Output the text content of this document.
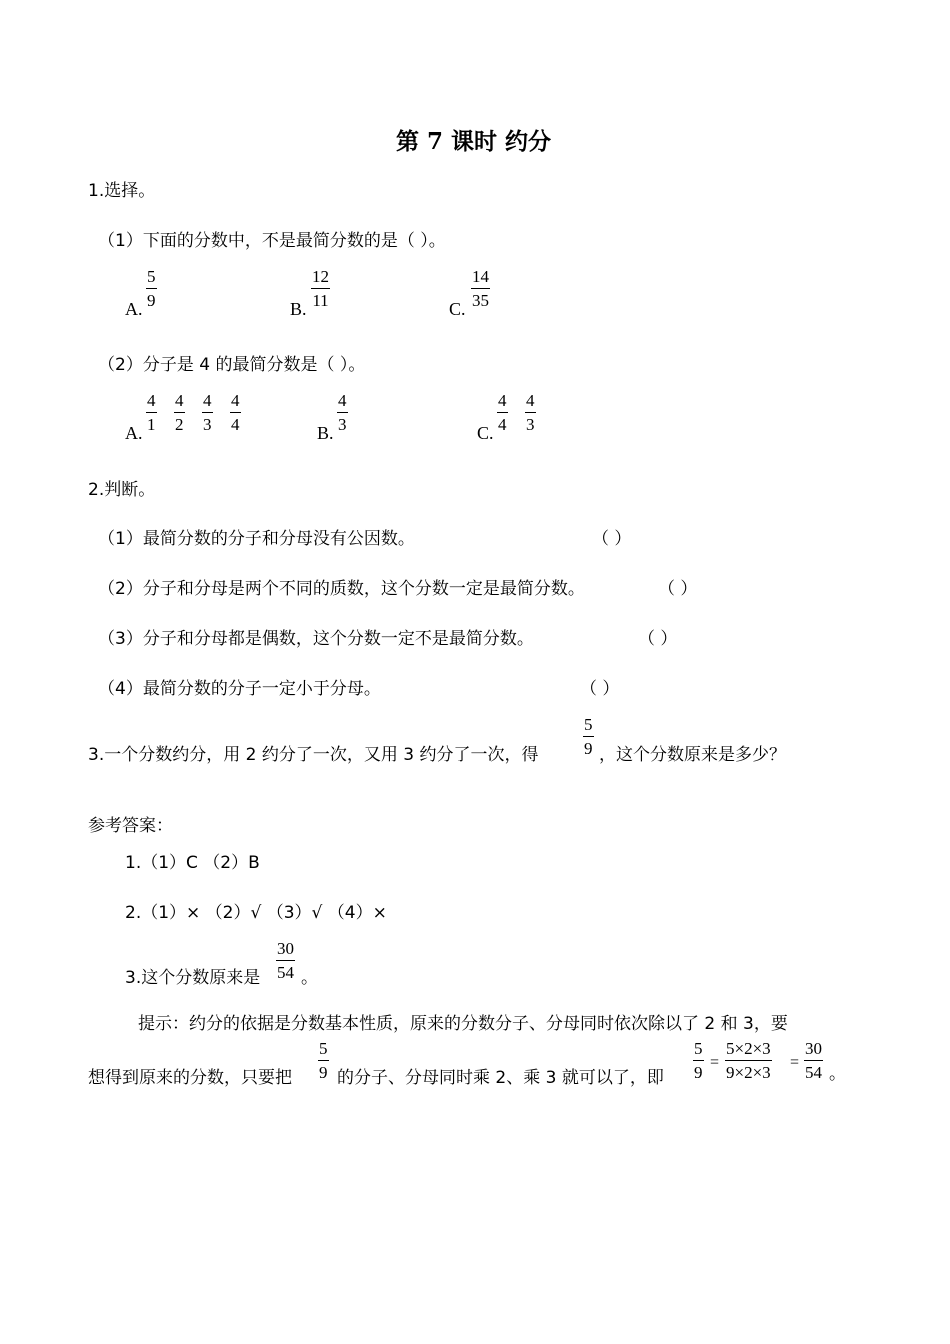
第 7 课时 约分
1.选择。
（1）下面的分数中，不是最简分数的是（ ）。
A. $\frac{5}{9}$	B. $\frac{12}{11}$	C. $\frac{14}{35}$
（2）分子是 4 的最简分数是（ ）。
A. $\frac{4}{1} \frac{4}{2} \frac{4}{3} \frac{4}{4}$	B. $\frac{4}{3}$	C. $\frac{4}{4} \frac{4}{3}$
2.判断。
（1）最简分数的分子和分母没有公因数。	（ ）
（2）分子和分母是两个不同的质数，这个分数一定是最简分数。	（ ）
（3）分子和分母都是偶数，这个分数一定不是最简分数。	（ ）
（4）最简分数的分子一定小于分母。	（ ）
3.一个分数约分，用 2 约分了一次，又用 3 约分了一次，得	$\frac{5}{9}$ ，这个分数原来是多少？
参考答案：
1.（1）C （2）B
2.（1）× （2）√ （3）√ （4）×
3.这个分数原来是 $\frac{30}{54}$ 。
提示：约分的依据是分数基本性质，原来的分数分子、分母同时依次除以了 2 和 3，要
想得到原来的分数，只要把 $\frac{5}{9}$ 的分子、分母同时乘 2、乘 3 就可以了，即 $\frac{5}{9} = \frac{5\times 2\times 3}{9\times 2\times 3} = \frac{30}{54}$ 。
